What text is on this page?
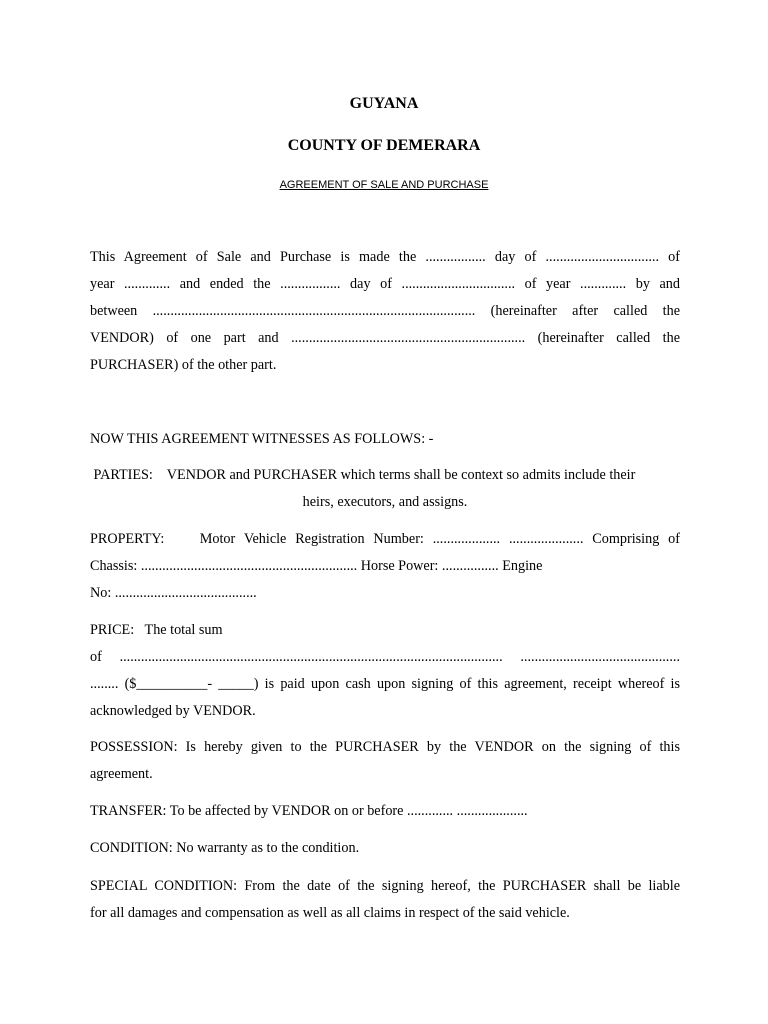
GUYANA
COUNTY OF DEMERARA
AGREEMENT OF SALE AND PURCHASE
This Agreement of Sale and Purchase is made the ................. day of ................................ of
year ............. and ended the ................. day of ................................ of year ............. by and
between ........................................................................................... (hereinafter after called the
VENDOR) of one part and .................................................................. (hereinafter called the
PURCHASER) of the other part.
NOW THIS AGREEMENT WITNESSES AS FOLLOWS: -
PARTIES:    VENDOR and PURCHASER which terms shall be context so admits include their
heirs, executors, and assigns.
PROPERTY:    Motor Vehicle Registration Number: ................... ..................... Comprising of
Chassis: ............................................................. Horse Power: ................ Engine
No: ........................................
PRICE:   The total sum
of ............................................................................................................ .............................................
........ ($__________- _____) is paid upon cash upon signing of this agreement, receipt whereof is
acknowledged by VENDOR.
POSSESSION: Is hereby given to the PURCHASER by the VENDOR on the signing of this
agreement.
TRANSFER: To be affected by VENDOR on or before ............. ....................
CONDITION: No warranty as to the condition.
SPECIAL CONDITION: From the date of the signing hereof, the PURCHASER shall be liable
for all damages and compensation as well as all claims in respect of the said vehicle.
